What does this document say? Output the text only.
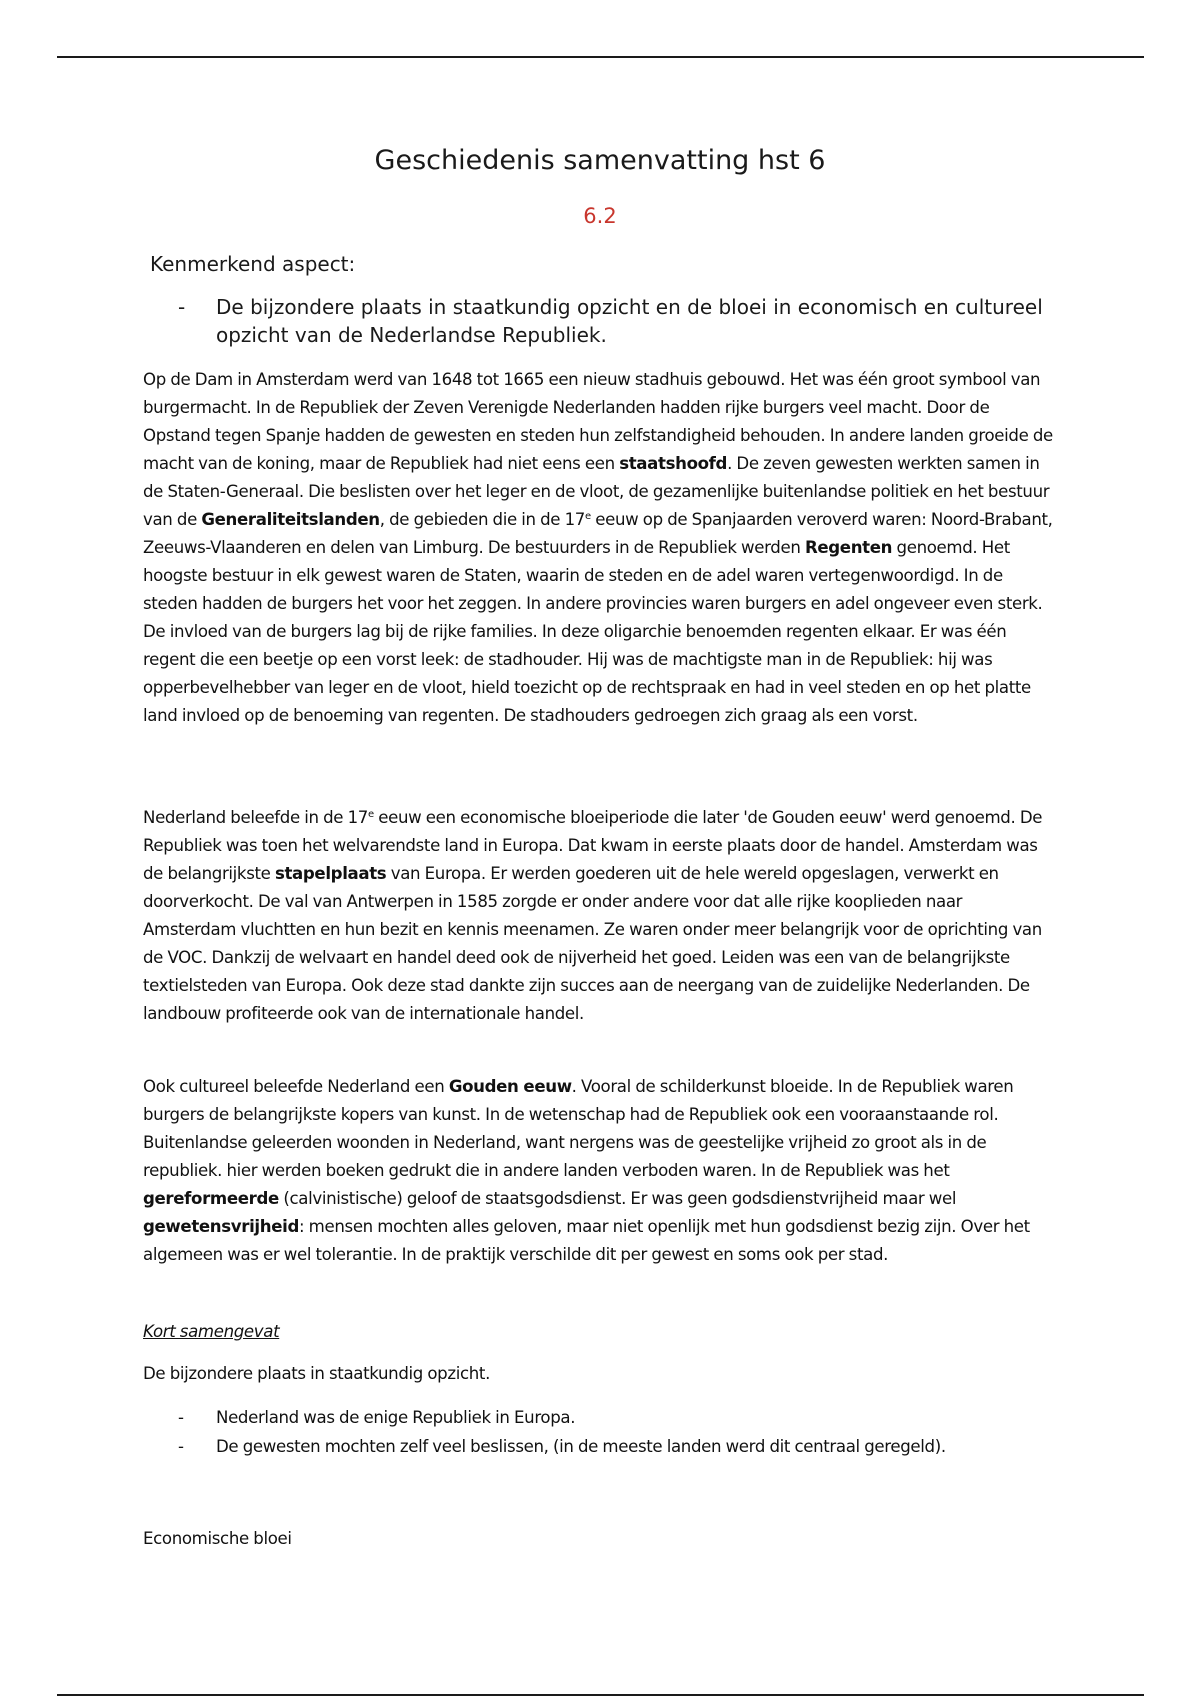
Geschiedenis samenvatting hst 6
6.2
Kenmerkend aspect:
- De bijzondere plaats in staatkundig opzicht en de bloei in economisch en cultureel opzicht van de Nederlandse Republiek.
Op de Dam in Amsterdam werd van 1648 tot 1665 een nieuw stadhuis gebouwd. Het was één groot symbool van burgermacht. In de Republiek der Zeven Verenigde Nederlanden hadden rijke burgers veel macht. Door de Opstand tegen Spanje hadden de gewesten en steden hun zelfstandigheid behouden. In andere landen groeide de macht van de koning, maar de Republiek had niet eens een staatshoofd. De zeven gewesten werkten samen in de Staten-Generaal. Die beslisten over het leger en de vloot, de gezamenlijke buitenlandse politiek en het bestuur van de Generaliteitslanden, de gebieden die in de 17e eeuw op de Spanjaarden veroverd waren: Noord-Brabant, Zeeuws-Vlaanderen en delen van Limburg. De bestuurders in de Republiek werden Regenten genoemd. Het hoogste bestuur in elk gewest waren de Staten, waarin de steden en de adel waren vertegenwoordigd. In de steden hadden de burgers het voor het zeggen. In andere provincies waren burgers en adel ongeveer even sterk. De invloed van de burgers lag bij de rijke families. In deze oligarchie benoemden regenten elkaar. Er was één regent die een beetje op een vorst leek: de stadhouder. Hij was de machtigste man in de Republiek: hij was opperbevelhebber van leger en de vloot, hield toezicht op de rechtspraak en had in veel steden en op het platte land invloed op de benoeming van regenten. De stadhouders gedroegen zich graag als een vorst.
Nederland beleefde in de 17e eeuw een economische bloeiperiode die later 'de Gouden eeuw' werd genoemd. De Republiek was toen het welvarendste land in Europa. Dat kwam in eerste plaats door de handel. Amsterdam was de belangrijkste stapelplaats van Europa. Er werden goederen uit de hele wereld opgeslagen, verwerkt en doorverkocht. De val van Antwerpen in 1585 zorgde er onder andere voor dat alle rijke kooplieden naar Amsterdam vluchtten en hun bezit en kennis meenamen. Ze waren onder meer belangrijk voor de oprichting van de VOC. Dankzij de welvaart en handel deed ook de nijverheid het goed. Leiden was een van de belangrijkste textielsteden van Europa. Ook deze stad dankte zijn succes aan de neergang van de zuidelijke Nederlanden. De landbouw profiteerde ook van de internationale handel.
Ook cultureel beleefde Nederland een Gouden eeuw. Vooral de schilderkunst bloeide. In de Republiek waren burgers de belangrijkste kopers van kunst. In de wetenschap had de Republiek ook een vooraanstaande rol. Buitenlandse geleerden woonden in Nederland, want nergens was de geestelijke vrijheid zo groot als in de republiek. hier werden boeken gedrukt die in andere landen verboden waren. In de Republiek was het gereformeerde (calvinistische) geloof de staatsgodsdienst. Er was geen godsdienstvrijheid maar wel gewetensvrijheid: mensen mochten alles geloven, maar niet openlijk met hun godsdienst bezig zijn. Over het algemeen was er wel tolerantie. In de praktijk verschilde dit per gewest en soms ook per stad.
Kort samengevat
De bijzondere plaats in staatkundig opzicht.
- Nederland was de enige Republiek in Europa.
- De gewesten mochten zelf veel beslissen, (in de meeste landen werd dit centraal geregeld).
Economische bloei
